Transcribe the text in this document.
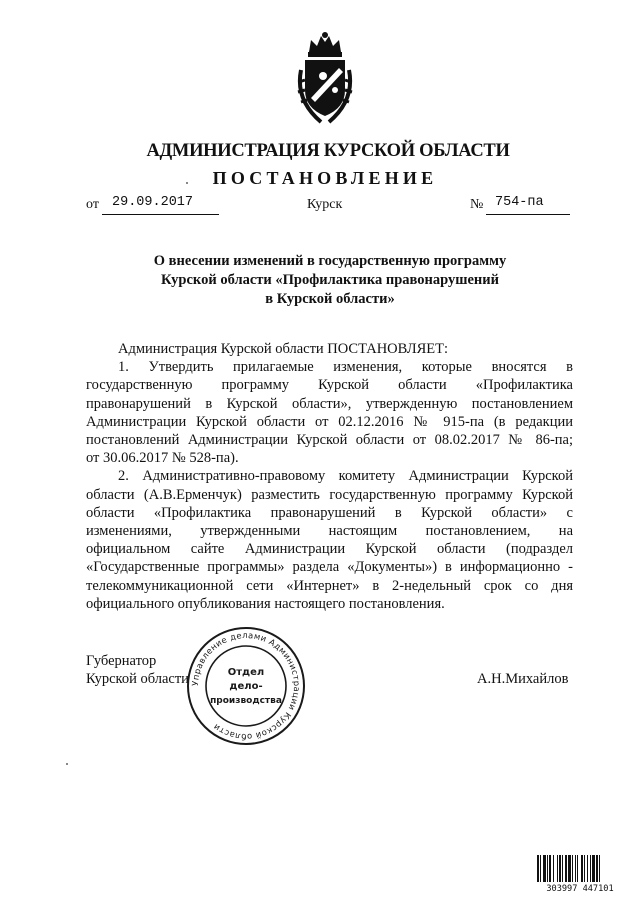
АДМИНИСТРАЦИЯ КУРСКОЙ ОБЛАСТИ
ПОСТАНОВЛЕНИЕ
от 29.09.2017	Курск	№ 754-па
О внесении изменений в государственную программу
Курской области «Профилактика правонарушений
в Курской области»

Администрация Курской области ПОСТАНОВЛЯЕТ:

1. Утвердить прилагаемые изменения, которые вносятся в

государственную программу Курской области «Профилактика

правонарушений в Курской области», утвержденную постановлением

Администрации Курской области от 02.12.2016 № 915-па (в редакции

постановлений Администрации Курской области от 08.02.2017 № 86-па;

от 30.06.2017 № 528-па).

2. Административно-правовому комитету Администрации Курской

области (А.В.Ерменчук) разместить государственную программу Курской

области «Профилактика правонарушений в Курской области» с

изменениями, утвержденными настоящим постановлением, на

официальном сайте Администрации Курской области (подраздел

«Государственные программы» раздела «Документы») в информационно -

телекоммуникационной сети «Интернет» в 2-недельный срок со дня

официального опубликования настоящего постановления.

Губернатор
Курской области	А.Н.Михайлов
Управление делами Администрации Курской области
Отдел
дело-
производства
303997 447101
